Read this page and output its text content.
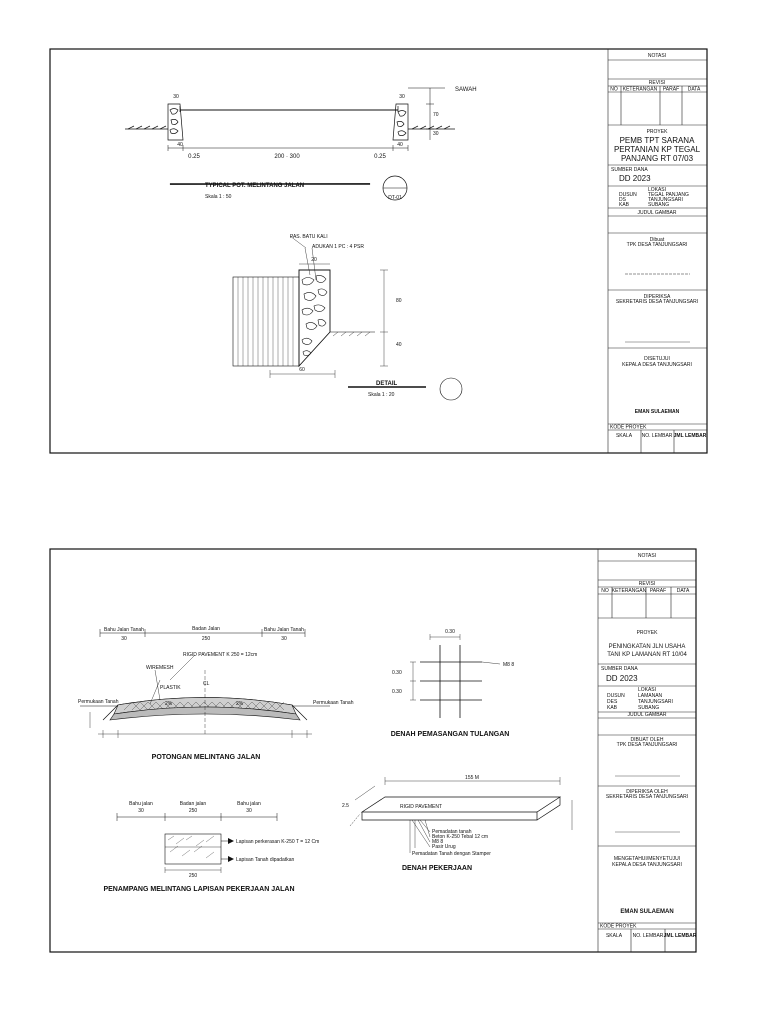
NOTASI
REVISI
NO KETERANGAN PARAF DATA
PROYEK
PEMB TPT SARANA
PERTANIAN KP TEGAL
PANJANG RT 07/03
SUMBER DANA
DD 2023
LOKASI
DUSUN TEGAL PANJANG
DS	TANJUNGSARI
KAB	SUBANG
JUDUL GAMBAR
Dibuat
TPK DESA TANJUNGSARI
DIPERIKSA
SEKRETARIS DESA TANJUNGSARI
DISETUJUI
KEPALA DESA TANJUNGSARI
EMAN SULAEMAN
KODE PROYEK
SKALA NO. LEMBAR JML LEMBAR
SAWAH
30	30
70
30
40	40
0.25	200 · 300	0.25
TYPICAL POT. MELINTANG JALAN
Skala 1 : 50	DT-01
PAS. BATU KALI
ADUKAN 1 PC : 4 PSR
20
80
40
60
DETAIL
Skala 1 : 20
NOTASI
REVISI
NO KETERANGAN PARAF DATA
PROYEK
PENINGKATAN JLN USAHA
TANI KP LAMANAN RT 10/04
SUMBER DANA
DD 2023
LOKASI
DUSUN	LAMANAN
DES	TANJUNGSARI
KAB	SUBANG
JUDUL GAMBAR
DIBUAT OLEH
TPK DESA TANJUNGSARI
DIPERIKSA OLEH
SEKRETARIS DESA TANJUNGSARI
MENGETAHUI/MENYETUJUI
KEPALA DESA TANJUNGSARI
EMAN SULAEMAN
KODE PROYEK
SKALA NO. LEMBAR JML LEMBAR
Bahu Jalan Tanah	Badan Jalan	Bahu Jalan Tanah
30	250	30
RIGID PAVEMENT K 250 = 12cm
WIREMESH
PLASTIK
CL
2%	2%
Permukaan Tanah	Permukaan Tanah
POTONGAN MELINTANG JALAN
0.30
0.30
0.30
M8 8
DENAH PEMASANGAN TULANGAN
Bahu jalan	Badan jalan	Bahu jalan
30	250	30
Lapisan perkerasan K-250 T = 12 Cm
Lapisan Tanah dipadatkan
250
PENAMPANG MELINTANG LAPISAN PEKERJAAN JALAN
155 M
2.5	RIGID PAVEMENT
Pemadatan tanah
Beton K-250 Tebal 12 cm
M8 8
Pasir Urug
Pemadatan Tanah dengan Stamper
DENAH PEKERJAAN
